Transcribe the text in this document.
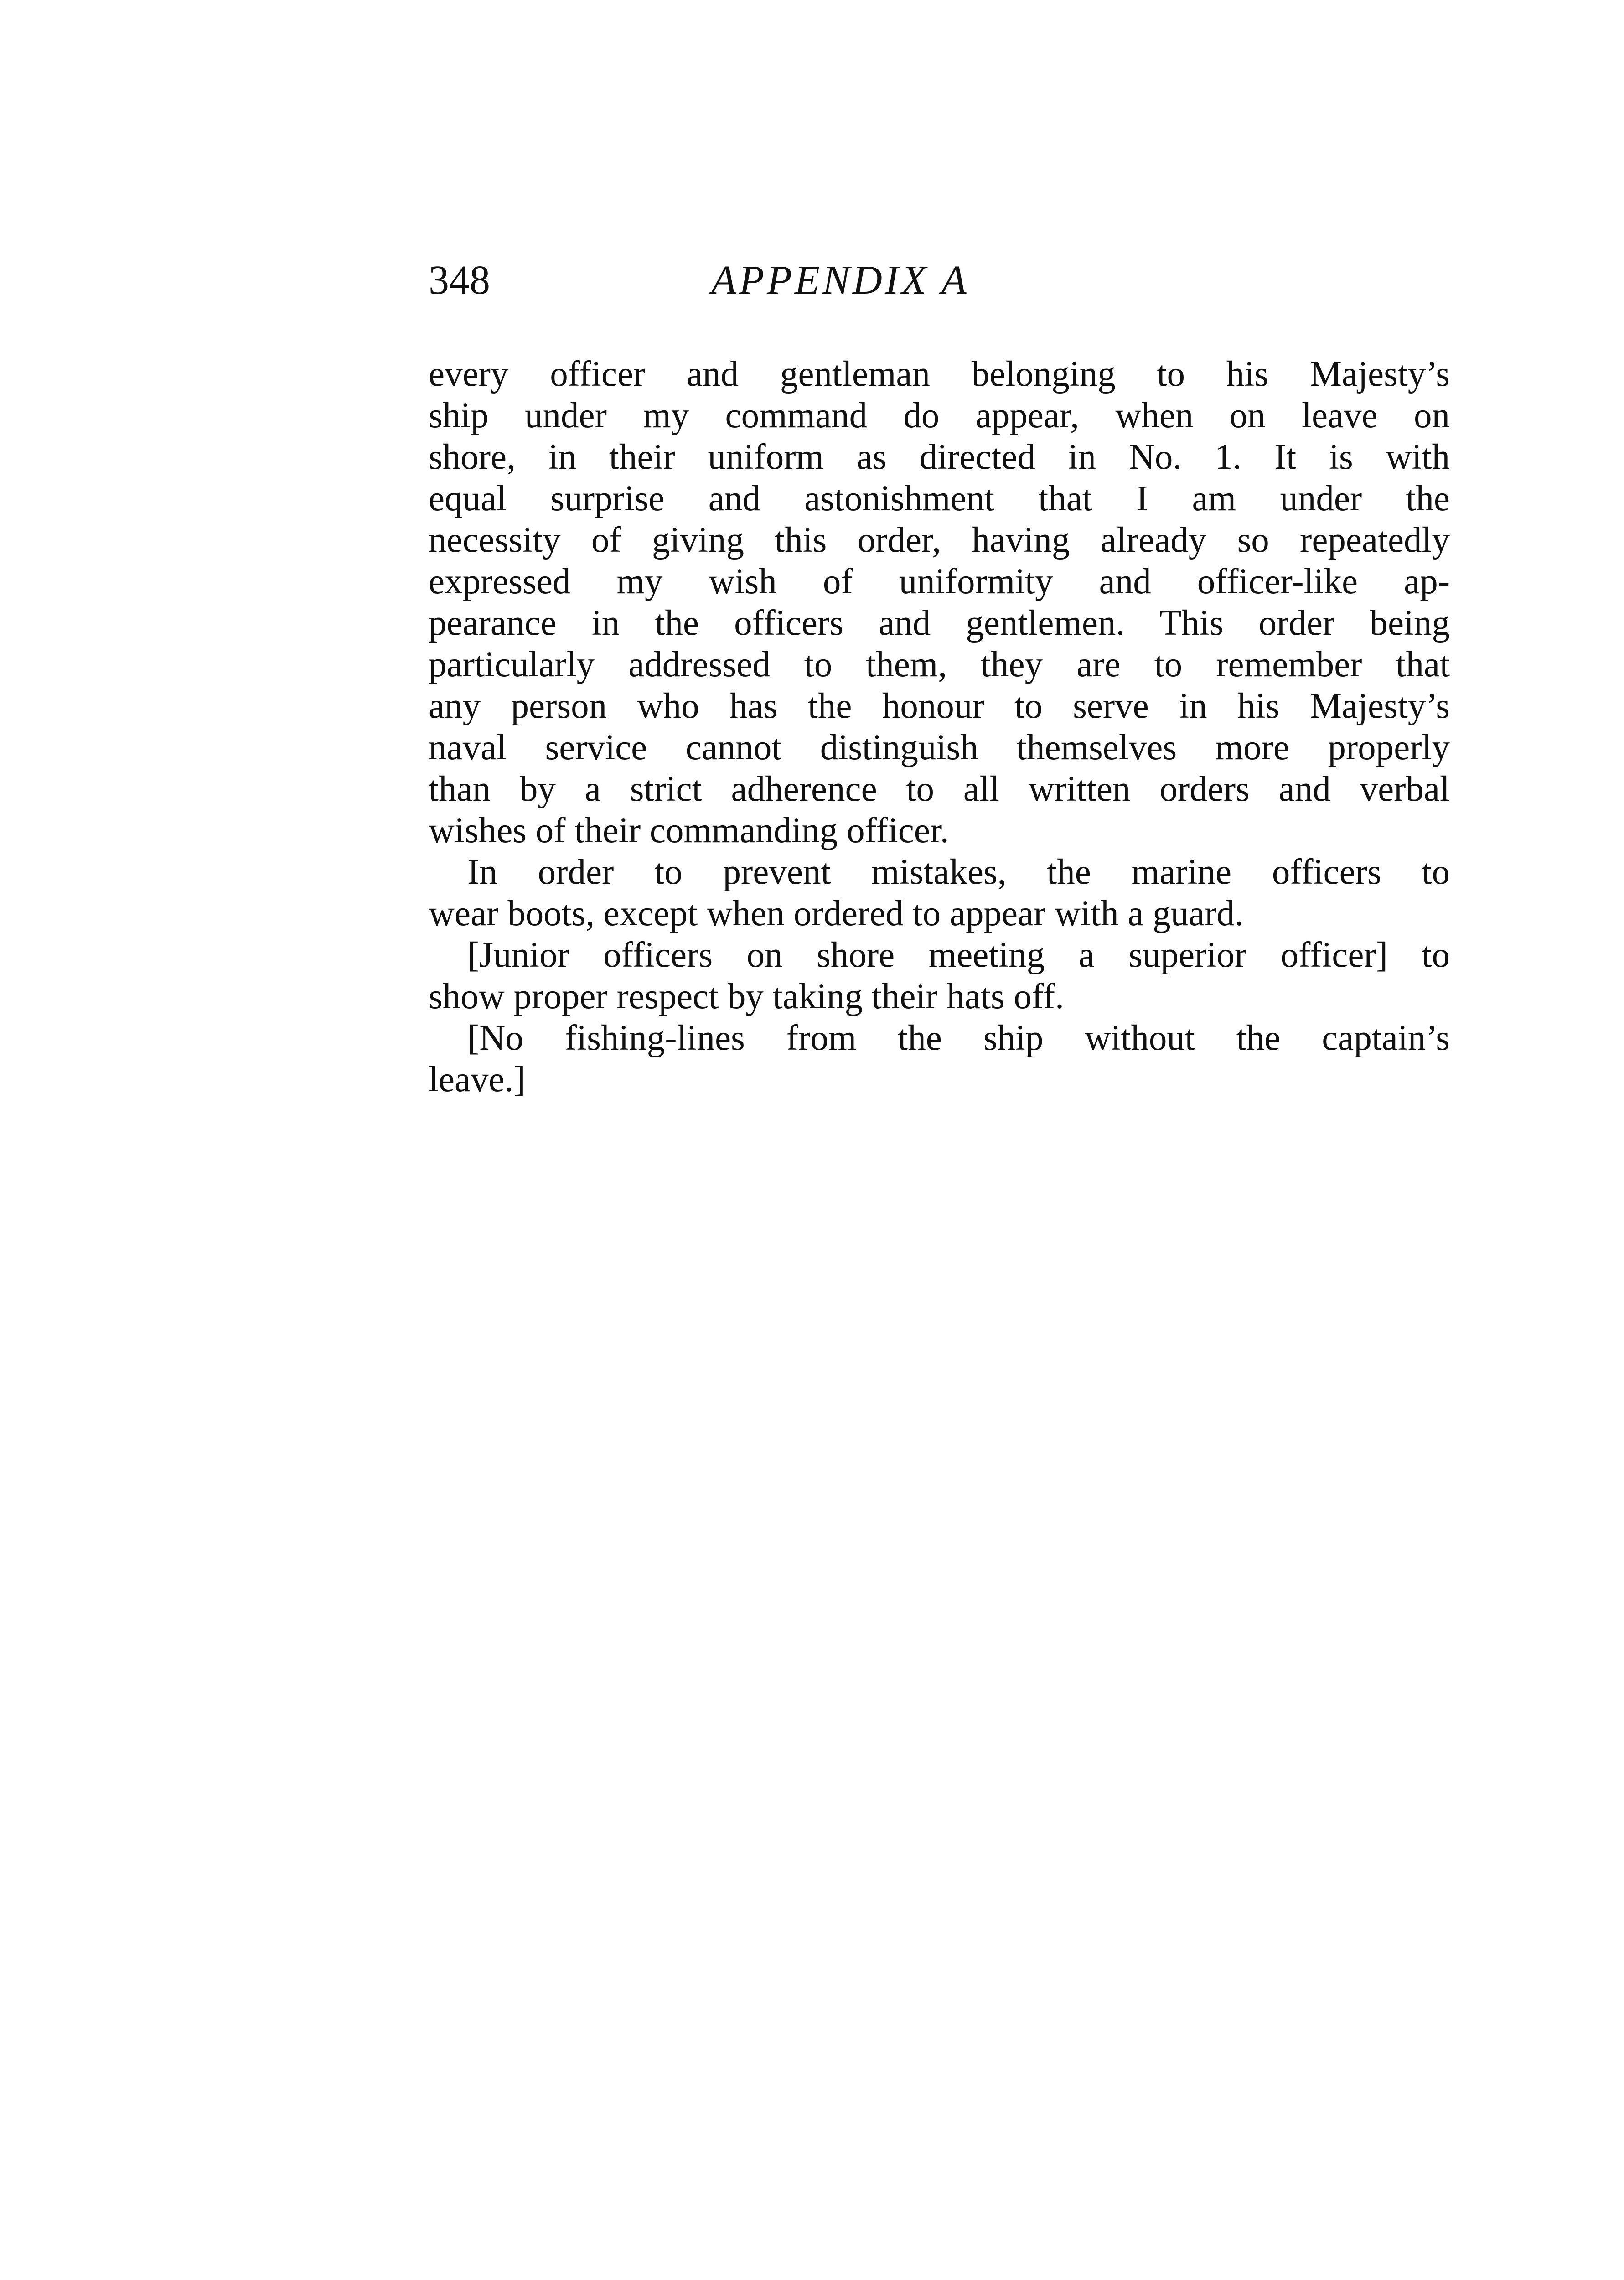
348	APPENDIX A
every officer and gentleman belonging to his Majesty’s
ship under my command do appear, when on leave on
shore, in their uniform as directed in No. 1. It is with
equal surprise and astonishment that I am under the
necessity of giving this order, having already so repeatedly
expressed my wish of uniformity and officer-like ap-
pearance in the officers and gentlemen. This order being
particularly addressed to them, they are to remember that
any person who has the honour to serve in his Majesty’s
naval service cannot distinguish themselves more properly
than by a strict adherence to all written orders and verbal
wishes of their commanding officer.
In order to prevent mistakes, the marine officers to
wear boots, except when ordered to appear with a guard.
[Junior officers on shore meeting a superior officer] to
show proper respect by taking their hats off.
[No fishing-lines from the ship without the captain’s
leave.]
